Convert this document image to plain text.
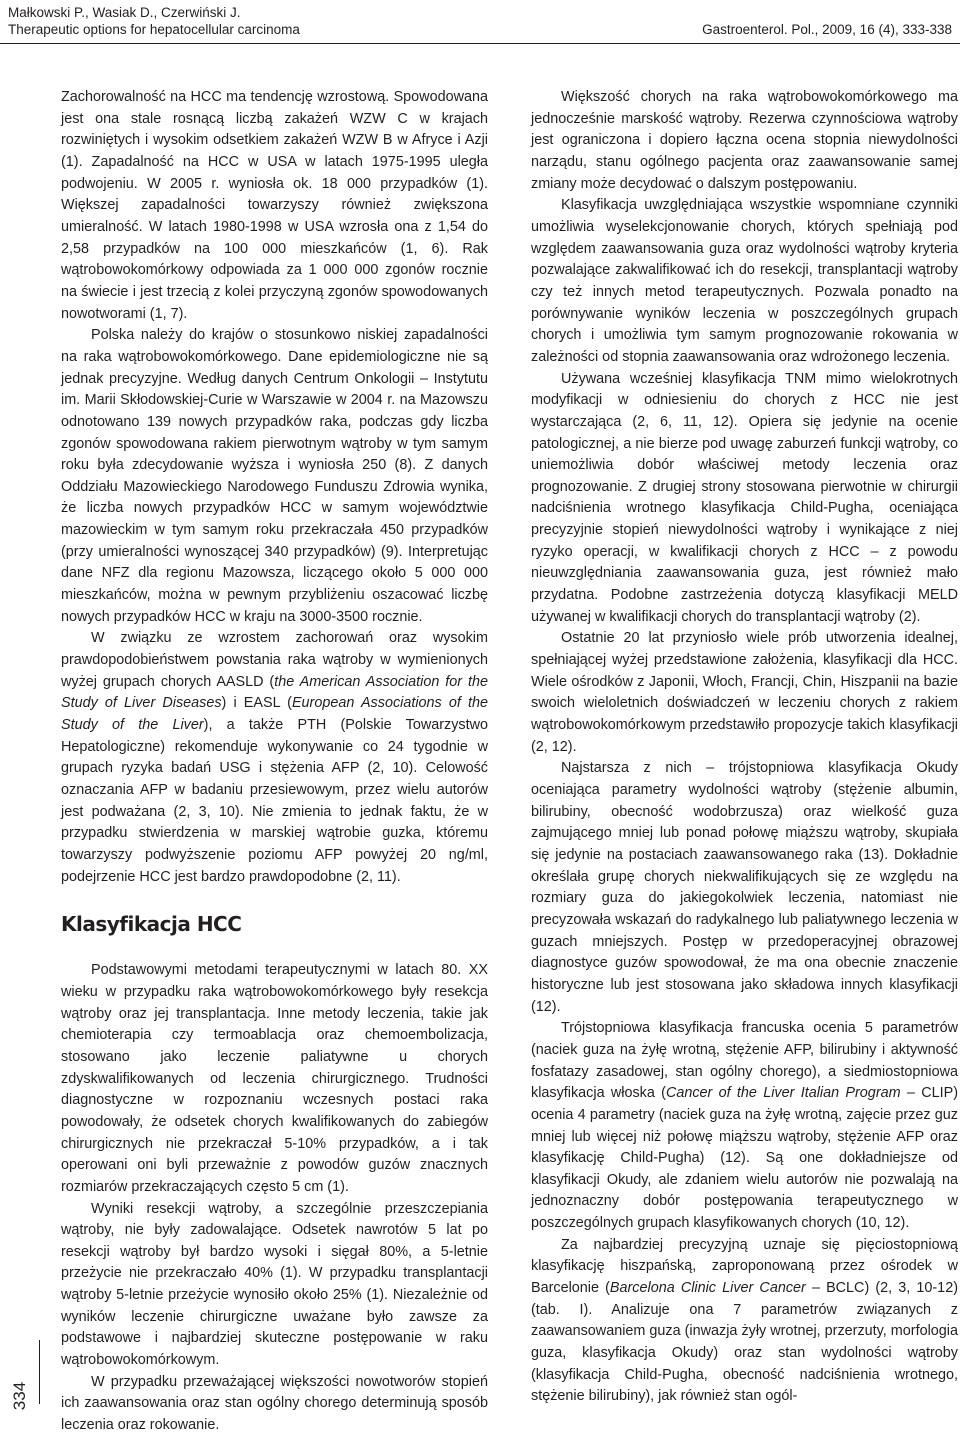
Małkowski P., Wasiak D., Czerwiński J.
Therapeutic options for hepatocellular carcinoma	Gastroenterol. Pol., 2009, 16 (4), 333-338

Zachorowalność na HCC ma tendencję wzrostową. Spowodowana jest ona stale rosnącą liczbą zakażeń WZW C w krajach rozwiniętych i wysokim odsetkiem zakażeń WZW B w Afryce i Azji (1). Zapadalność na HCC w USA w latach 1975-1995 uległa podwojeniu. W 2005 r. wyniosła ok. 18 000 przypadków (1). Większej zapadalności towarzyszy również zwiększona umieralność. W latach 1980-1998 w USA wzrosła ona z 1,54 do 2,58 przypadków na 100 000 mieszkańców (1, 6). Rak wątrobowokomórkowy odpowiada za 1 000 000 zgonów rocznie na świecie i jest trzecią z kolei przyczyną zgonów spowodowanych nowotworami (1, 7).

Polska należy do krajów o stosunkowo niskiej zapadalności na raka wątrobowokomórkowego. Dane epidemiologiczne nie są jednak precyzyjne. Według danych Centrum Onkologii – Instytutu im. Marii Skłodowskiej-Curie w Warszawie w 2004 r. na Mazowszu odnotowano 139 nowych przypadków raka, podczas gdy liczba zgonów spowodowana rakiem pierwotnym wątroby w tym samym roku była zdecydowanie wyższa i wyniosła 250 (8). Z danych Oddziału Mazowieckiego Narodowego Funduszu Zdrowia wynika, że liczba nowych przypadków HCC w samym województwie mazowieckim w tym samym roku przekraczała 450 przypadków (przy umieralności wynoszącej 340 przypadków) (9). Interpretując dane NFZ dla regionu Mazowsza, liczącego około 5 000 000 mieszkańców, można w pewnym przybliżeniu oszacować liczbę nowych przypadków HCC w kraju na 3000-3500 rocznie.

W związku ze wzrostem zachorowań oraz wysokim prawdopodobieństwem powstania raka wątroby w wymienionych wyżej grupach chorych AASLD (the American Association for the Study of Liver Diseases) i EASL (European Associations of the Study of the Liver), a także PTH (Polskie Towarzystwo Hepatologiczne) rekomenduje wykonywanie co 24 tygodnie w grupach ryzyka badań USG i stężenia AFP (2, 10). Celowość oznaczania AFP w badaniu przesiewowym, przez wielu autorów jest podważana (2, 3, 10). Nie zmienia to jednak faktu, że w przypadku stwierdzenia w marskiej wątrobie guzka, któremu towarzyszy podwyższenie poziomu AFP powyżej 20 ng/ml, podejrzenie HCC jest bardzo prawdopodobne (2, 11).

Klasyfikacja HCC

Podstawowymi metodami terapeutycznymi w latach 80. XX wieku w przypadku raka wątrobowokomórkowego były resekcja wątroby oraz jej transplantacja. Inne metody leczenia, takie jak chemioterapia czy termoablacja oraz chemoembolizacja, stosowano jako leczenie paliatywne u chorych zdyskwalifikowanych od leczenia chirurgicznego. Trudności diagnostyczne w rozpoznaniu wczesnych postaci raka powodowały, że odsetek chorych kwalifikowanych do zabiegów chirurgicznych nie przekraczał 5-10% przypadków, a i tak operowani oni byli przeważnie z powodów guzów znacznych rozmiarów przekraczających często 5 cm (1).

Wyniki resekcji wątroby, a szczególnie przeszczepiania wątroby, nie były zadowalające. Odsetek nawrotów 5 lat po resekcji wątroby był bardzo wysoki i sięgał 80%, a 5-letnie przeżycie nie przekraczało 40% (1). W przypadku transplantacji wątroby 5-letnie przeżycie wynosiło około 25% (1). Niezależnie od wyników leczenie chirurgiczne uważane było zawsze za podstawowe i najbardziej skuteczne postępowanie w raku wątrobowokomórkowym.

W przypadku przeważającej większości nowotworów stopień ich zaawansowania oraz stan ogólny chorego determinują sposób leczenia oraz rokowanie.

Większość chorych na raka wątrobowokomórkowego ma jednocześnie marskość wątroby. Rezerwa czynnościowa wątroby jest ograniczona i dopiero łączna ocena stopnia niewydolności narządu, stanu ogólnego pacjenta oraz zaawansowanie samej zmiany może decydować o dalszym postępowaniu.

Klasyfikacja uwzględniająca wszystkie wspomniane czynniki umożliwia wyselekcjonowanie chorych, których spełniają pod względem zaawansowania guza oraz wydolności wątroby kryteria pozwalające zakwalifikować ich do resekcji, transplantacji wątroby czy też innych metod terapeutycznych. Pozwala ponadto na porównywanie wyników leczenia w poszczególnych grupach chorych i umożliwia tym samym prognozowanie rokowania w zależności od stopnia zaawansowania oraz wdrożonego leczenia.

Używana wcześniej klasyfikacja TNM mimo wielokrotnych modyfikacji w odniesieniu do chorych z HCC nie jest wystarczająca (2, 6, 11, 12). Opiera się jedynie na ocenie patologicznej, a nie bierze pod uwagę zaburzeń funkcji wątroby, co uniemożliwia dobór właściwej metody leczenia oraz prognozowanie. Z drugiej strony stosowana pierwotnie w chirurgii nadciśnienia wrotnego klasyfikacja Child-Pugha, oceniająca precyzyjnie stopień niewydolności wątroby i wynikające z niej ryzyko operacji, w kwalifikacji chorych z HCC – z powodu nieuwzględniania zaawansowania guza, jest również mało przydatna. Podobne zastrzeżenia dotyczą klasyfikacji MELD używanej w kwalifikacji chorych do transplantacji wątroby (2).

Ostatnie 20 lat przyniosło wiele prób utworzenia idealnej, spełniającej wyżej przedstawione założenia, klasyfikacji dla HCC. Wiele ośrodków z Japonii, Włoch, Francji, Chin, Hiszpanii na bazie swoich wieloletnich doświadczeń w leczeniu chorych z rakiem wątrobowokomórkowym przedstawiło propozycje takich klasyfikacji (2, 12).

Najstarsza z nich – trójstopniowa klasyfikacja Okudy oceniająca parametry wydolności wątroby (stężenie albumin, bilirubiny, obecność wodobrzusza) oraz wielkość guza zajmującego mniej lub ponad połowę miąższu wątroby, skupiała się jedynie na postaciach zaawansowanego raka (13). Dokładnie określała grupę chorych niekwalifikujących się ze względu na rozmiary guza do jakiegokolwiek leczenia, natomiast nie precyzowała wskazań do radykalnego lub paliatywnego leczenia w guzach mniejszych. Postęp w przedoperacyjnej obrazowej diagnostyce guzów spowodował, że ma ona obecnie znaczenie historyczne lub jest stosowana jako składowa innych klasyfikacji (12).

Trójstopniowa klasyfikacja francuska ocenia 5 parametrów (naciek guza na żyłę wrotną, stężenie AFP, bilirubiny i aktywność fosfatazy zasadowej, stan ogólny chorego), a siedmiostopniowa klasyfikacja włoska (Cancer of the Liver Italian Program – CLIP) ocenia 4 parametry (naciek guza na żyłę wrotną, zajęcie przez guz mniej lub więcej niż połowę miąższu wątroby, stężenie AFP oraz klasyfikację Child-Pugha) (12). Są one dokładniejsze od klasyfikacji Okudy, ale zdaniem wielu autorów nie pozwalają na jednoznaczny dobór postępowania terapeutycznego w poszczególnych grupach klasyfikowanych chorych (10, 12).

Za najbardziej precyzyjną uznaje się pięciostopniową klasyfikację hiszpańską, zaproponowaną przez ośrodek w Barcelonie (Barcelona Clinic Liver Cancer – BCLC) (2, 3, 10-12) (tab. I). Analizuje ona 7 parametrów związanych z zaawansowaniem guza (inwazja żyły wrotnej, przerzuty, morfologia guza, klasyfikacja Okudy) oraz stan wydolności wątroby (klasyfikacja Child-Pugha, obecność nadciśnienia wrotnego, stężenie bilirubiny), jak również stan ogól-

334
